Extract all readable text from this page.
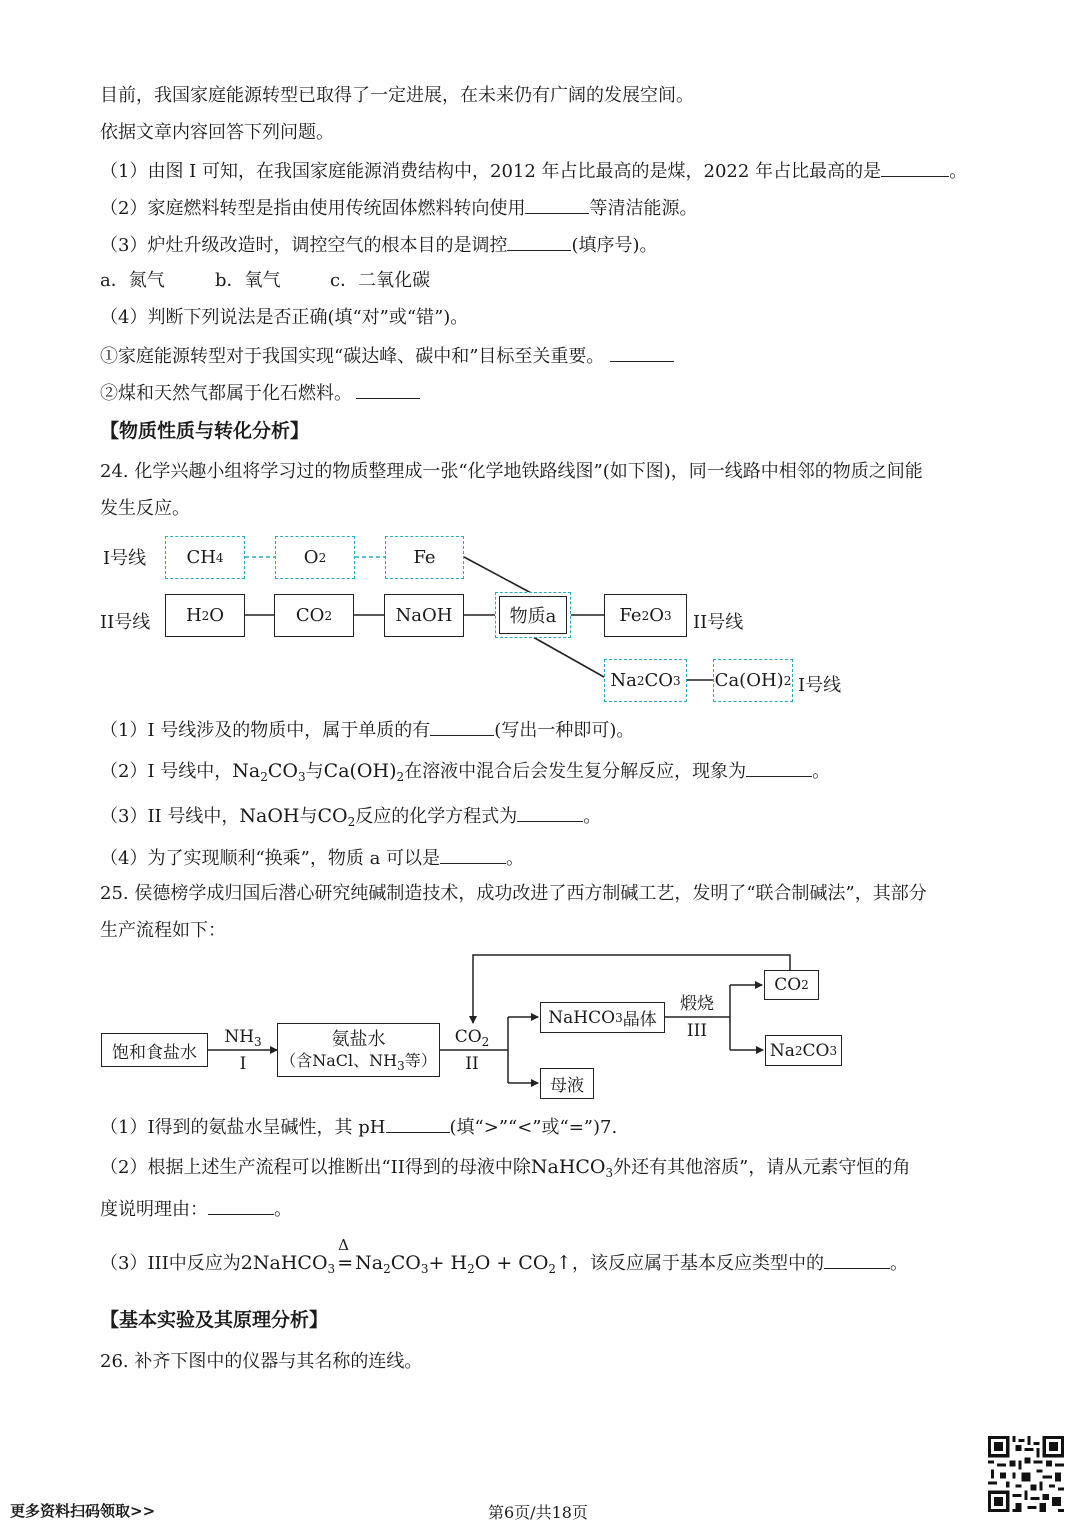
目前，我国家庭能源转型已取得了一定进展，在未来仍有广阔的发展空间。
依据文章内容回答下列问题。
（1）由图 I 可知，在我国家庭能源消费结构中，2012 年占比最高的是煤，2022 年占比最高的是	。
（2）家庭燃料转型是指由使用传统固体燃料转向使用	等清洁能源。
（3）炉灶升级改造时，调控空气的根本目的是调控	(填序号)。
a．氮气	b．氧气	c．二氧化碳
（4）判断下列说法是否正确(填“对”或“错”)。
①家庭能源转型对于我国实现“碳达峰、碳中和”目标至关重要。
②煤和天然气都属于化石燃料。
【物质性质与转化分析】
24. 化学兴趣小组将学习过的物质整理成一张“化学地铁路线图”(如下图)，同一线路中相邻的物质之间能
发生反应。
I号线
II号线
CH 4	O 2	Fe
H 2 O	CO 2	NaOH	物质a	Fe 2 O 3 II号线
Na 2 CO 3 Ca(OH) 2 I号线
（1）I 号线涉及的物质中，属于单质的有	(写出一种即可)。
（2）I 号线中，$Na_2CO_3$与$Ca(OH)_2$在溶液中混合后会发生复分解反应，现象为	。
（3）II 号线中，NaOH与$CO_2$反应的化学方程式为	。
（4）为了实现顺利“换乘”，物质 a 可以是	。
25. 侯德榜学成归国后潜心研究纯碱制造技术，成功改进了西方制碱工艺，发明了“联合制碱法”，其部分
生产流程如下：
饱和食盐水
$NH_3$
I
氨盐水
（含NaCl、$NH_3$等）
$CO_2$
II
NaHCO 3 晶体
母液
煅烧
III
CO 2
Na 2 CO 3
（1）I得到的氨盐水呈碱性，其 pH	(填“>”“<”或“=”)7.
（2）根据上述生产流程可以推断出“II得到的母液中除NaHCO$_3$外还有其他溶质”，请从元素守恒的角
度说明理由：	。
（3）III中反应为2NaHCO$_3$
Δ
= $Na_2CO_3+ H_2O$ + $CO_2↑$，该反应属于基本反应类型中的	。
【基本实验及其原理分析】
26. 补齐下图中的仪器与其名称的连线。
更多资料扫码领取>>	第6页/共18页
